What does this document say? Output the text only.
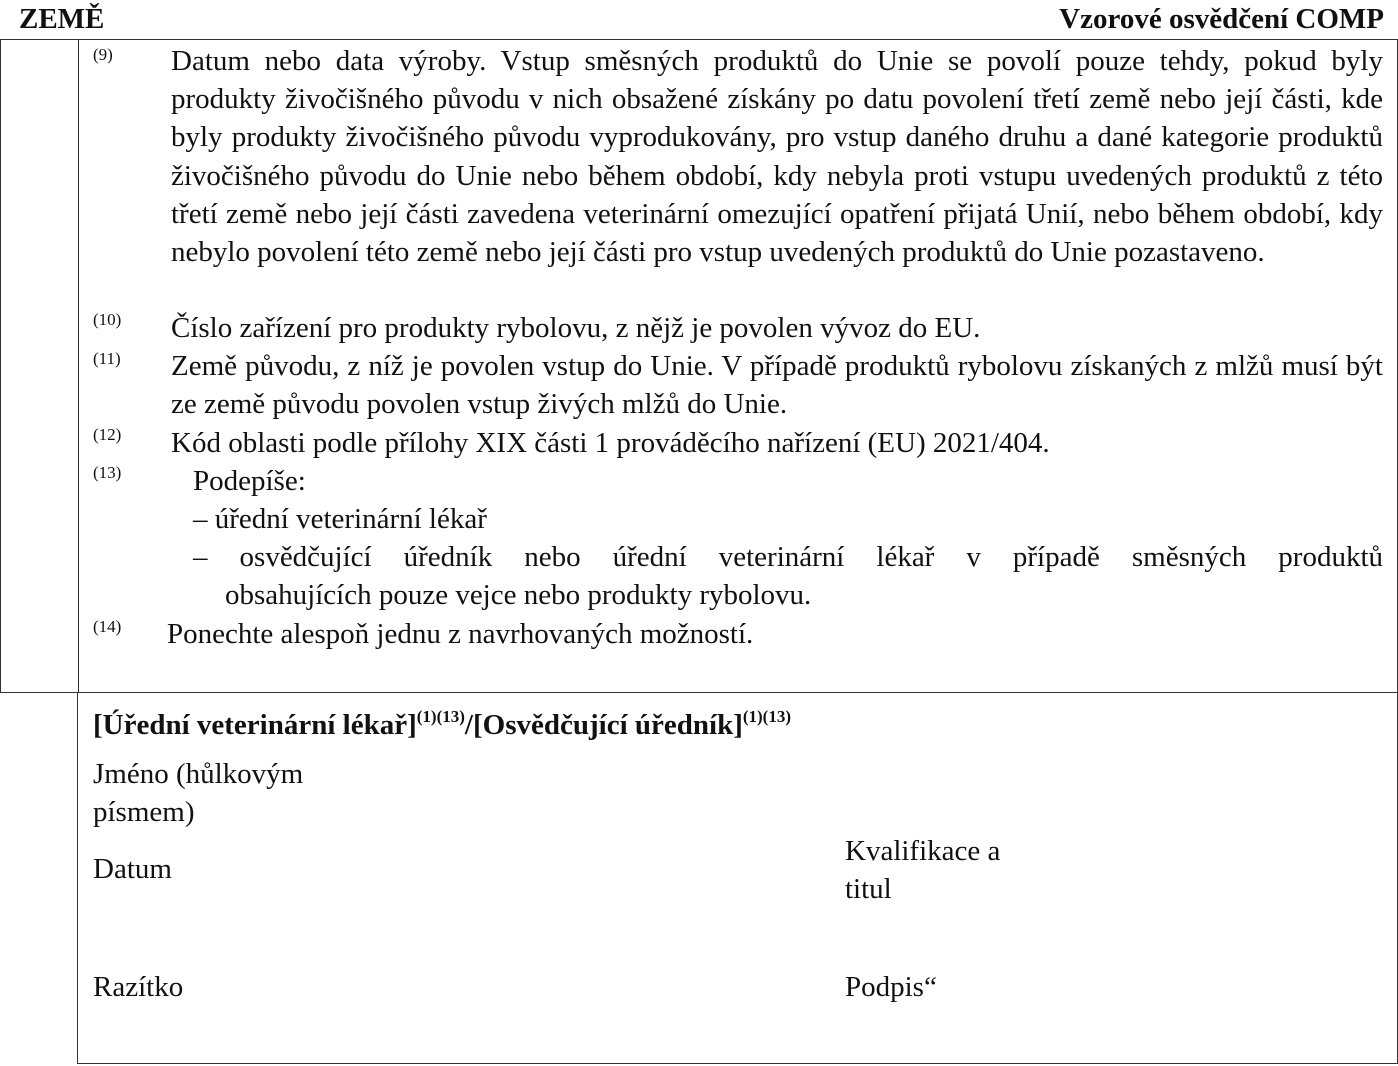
ZEMĚ	Vzorové osvědčení COMP
(9) Datum nebo data výroby. Vstup směsných produktů do Unie se povolí pouze tehdy, pokud byly produkty živočišného původu v nich obsažené získány po datu povolení třetí země nebo její části, kde byly produkty živočišného původu vyprodukovány, pro vstup daného druhu a dané kategorie produktů živočišného původu do Unie nebo během období, kdy nebyla proti vstupu uvedených produktů z této třetí země nebo její části zavedena veterinární omezující opatření přijatá Unií, nebo během období, kdy nebylo povolení této země nebo její části pro vstup uvedených produktů do Unie pozastaveno.
(10) Číslo zařízení pro produkty rybolovu, z nějž je povolen vývoz do EU.
(11) Země původu, z níž je povolen vstup do Unie. V případě produktů rybolovu získaných z mlžů musí být ze země původu povolen vstup živých mlžů do Unie.
(12) Kód oblasti podle přílohy XIX části 1 prováděcího nařízení (EU) 2021/404.
(13) Podepíše:
– úřední veterinární lékař
– osvědčující úředník nebo úřední veterinární lékař v případě směsných produktů
obsahujících pouze vejce nebo produkty rybolovu.
(14) Ponechte alespoň jednu z navrhovaných možností.
[Úřední veterinární lékař]$^{(1)(13)}$/[Osvědčující úředník]$^{(1)(13)}$
Jméno (hůlkovým písmem)
Datum
Kvalifikace a titul
Razítko	Podpis“
